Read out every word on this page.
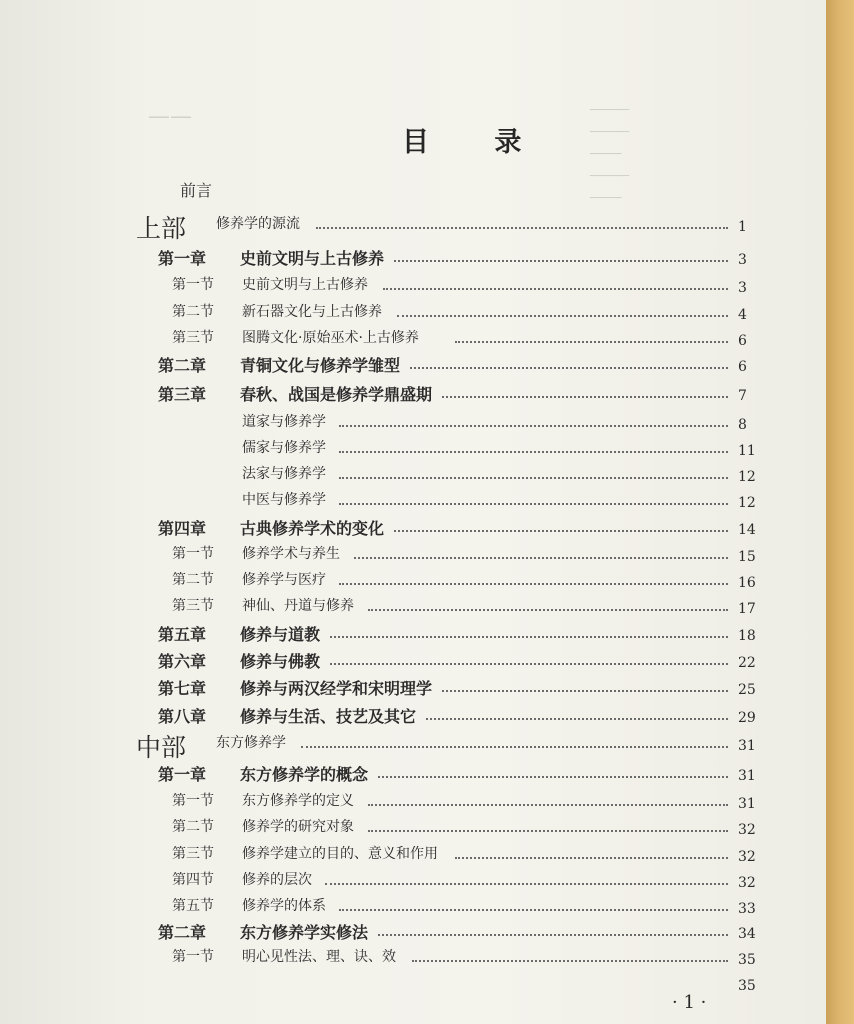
——	─────
─────
────
─────
────
目 录
前言
上部 修养学的源流	1
第一章 史前文明与上古修养	3
第一节 史前文明与上古修养	3
第二节 新石器文化与上古修养	4
第三节 图腾文化·原始巫术·上古修养	6
第二章 青铜文化与修养学雏型	6
第三章 春秋、战国是修养学鼎盛期	7
道家与修养学	8
儒家与修养学	11
法家与修养学	12
中医与修养学	12
第四章 古典修养学术的变化	14
第一节 修养学术与养生	15
第二节 修养学与医疗	16
第三节 神仙、丹道与修养	17
第五章 修养与道教	18
第六章 修养与佛教	22
第七章 修养与两汉经学和宋明理学	25
第八章 修养与生活、技艺及其它	29
中部 东方修养学	31
第一章 东方修养学的概念	31
第一节 东方修养学的定义	31
第二节 修养学的研究对象	32
第三节 修养学建立的目的、意义和作用	32
第四节 修养的层次	32
第五节 修养学的体系	33
第二章 东方修养学实修法	34
第一节 明心见性法、理、诀、效	35
35
· 1 ·
